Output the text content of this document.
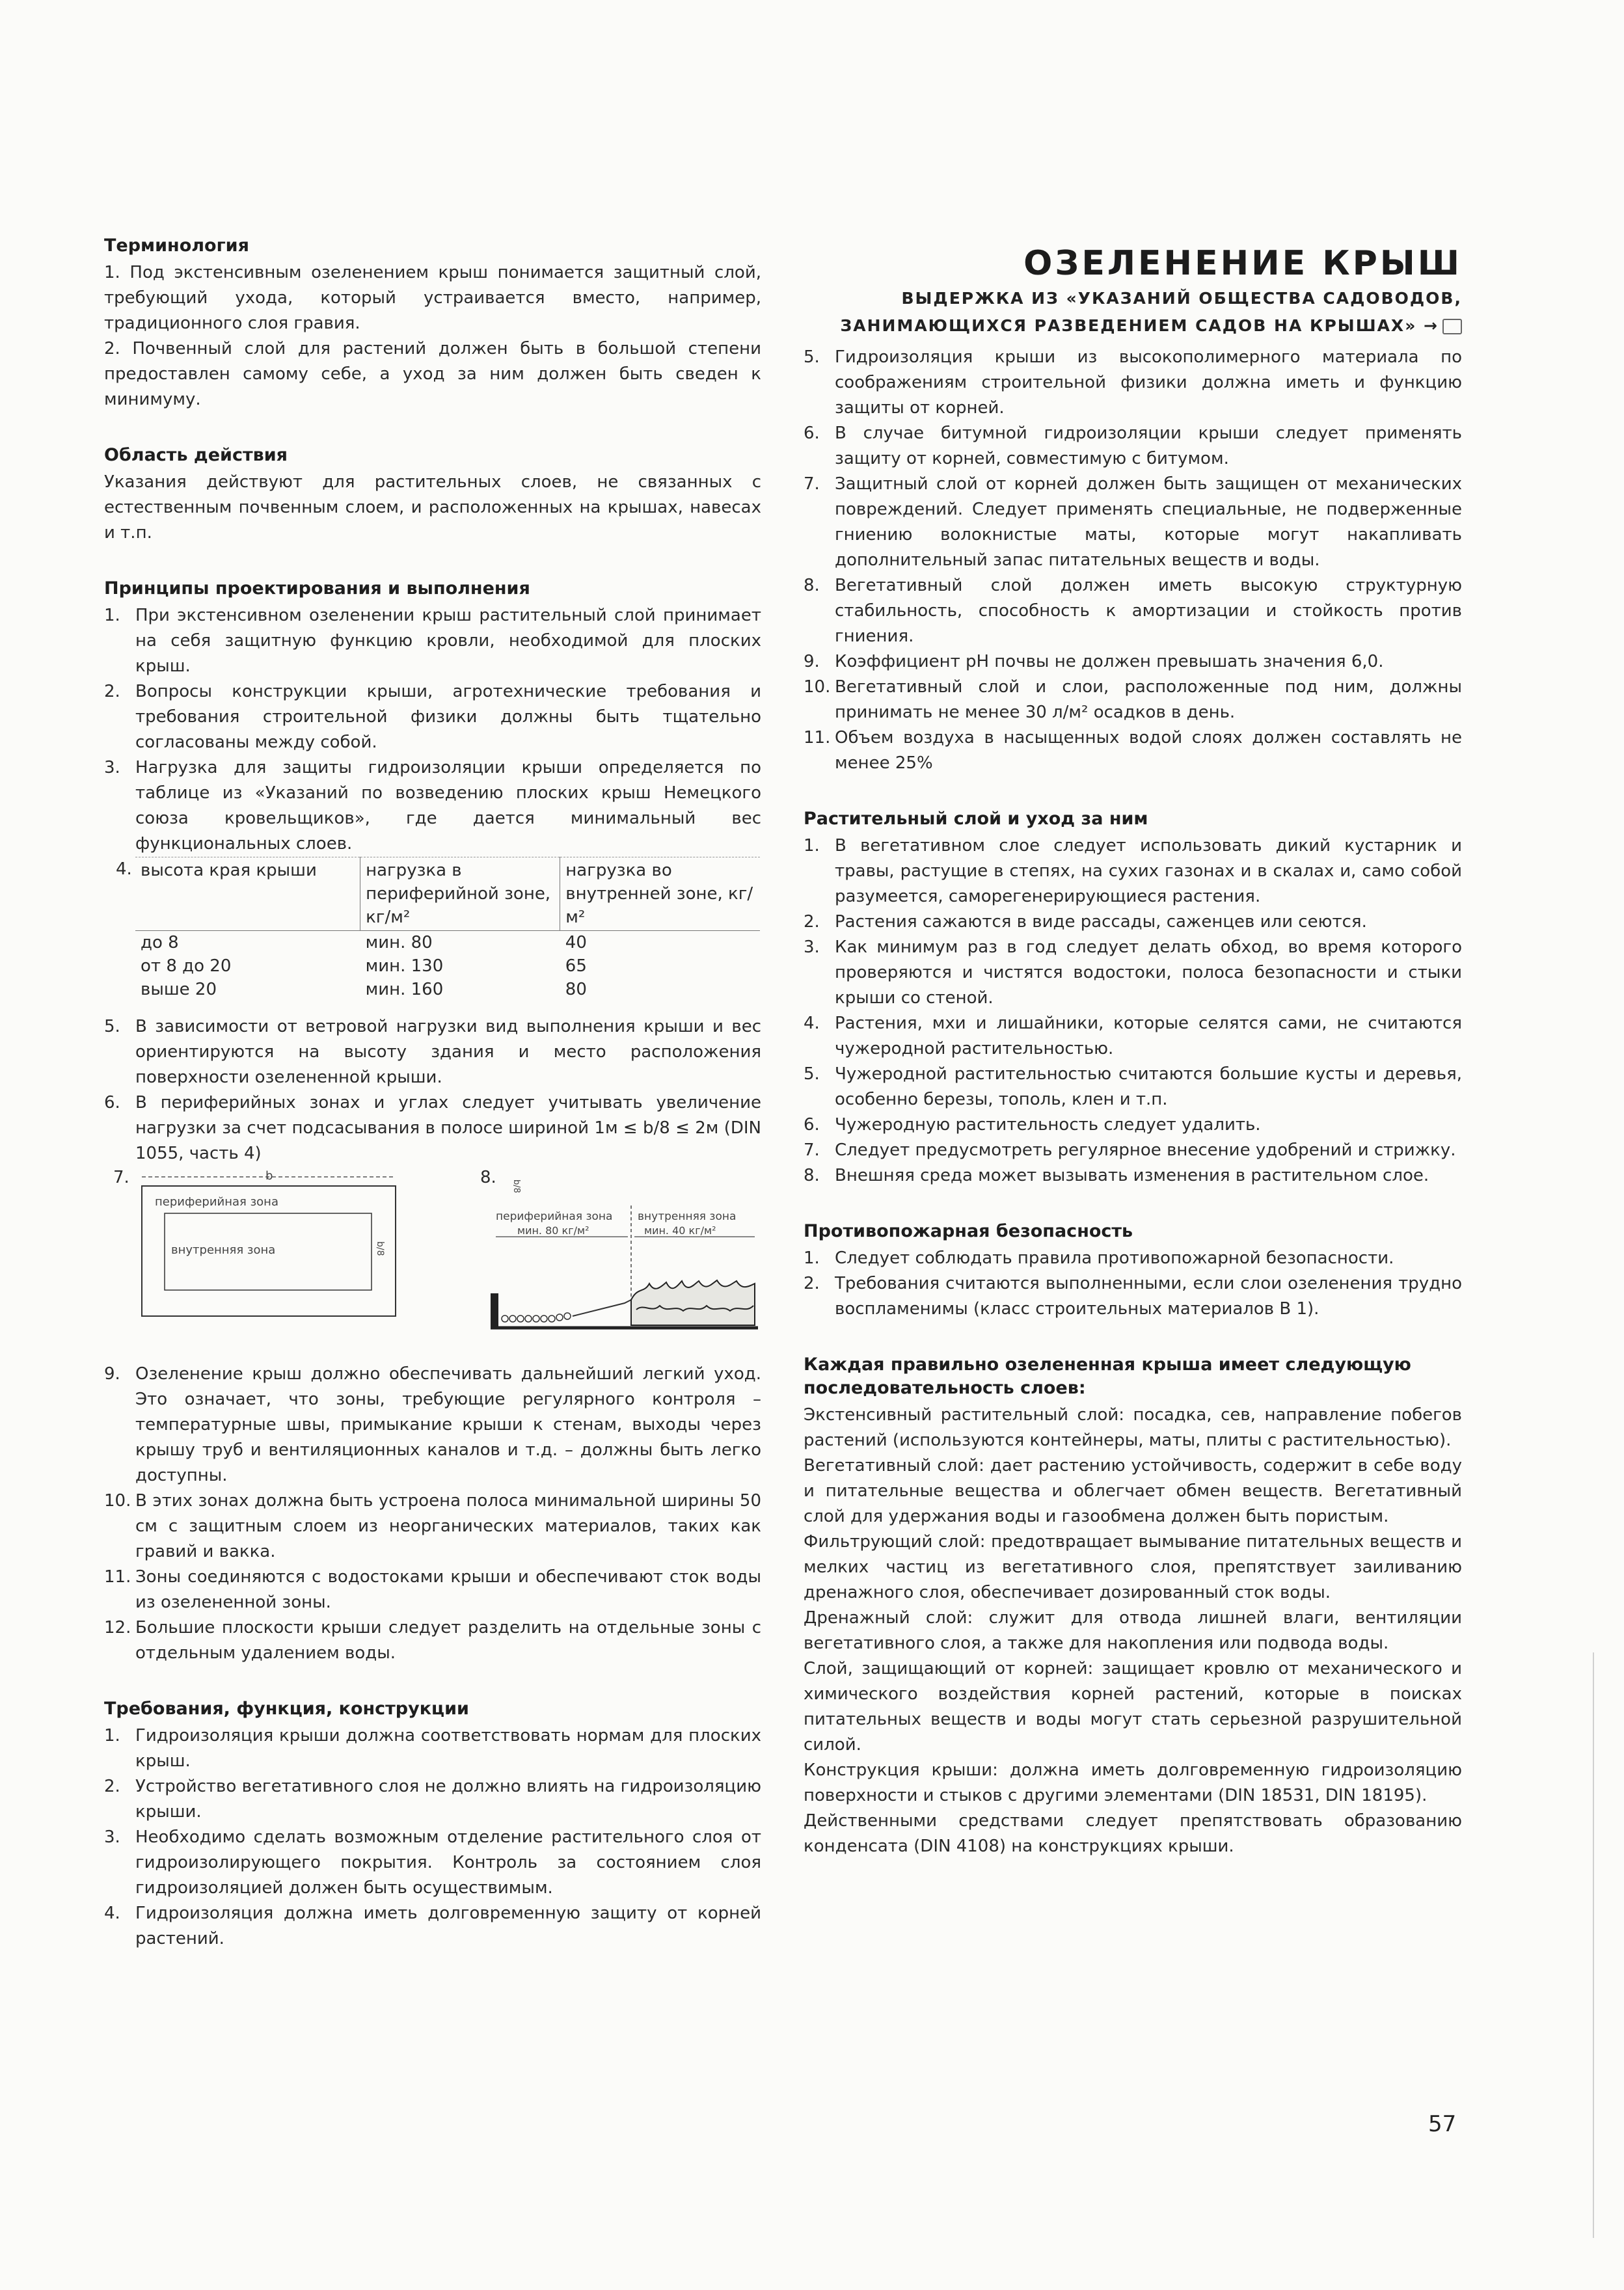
ОЗЕЛЕНЕНИЕ КРЫШ
ВЫДЕРЖКА ИЗ «УКАЗАНИЙ ОБЩЕСТВА САДОВОДОВ,
ЗАНИМАЮЩИХСЯ РАЗВЕДЕНИЕМ САДОВ НА КРЫШАХ» →
Терминология

1. Под экстенсивным озеленением крыш понимается защитный слой, требующий ухода, который устраивается вместо, например, традиционного слоя гравия.

2. Почвенный слой для растений должен быть в большой степени предоставлен самому себе, а уход за ним должен быть сведен к минимуму.

Область действия

Указания действуют для растительных слоев, не связанных с естественным почвенным слоем, и расположенных на крышах, навесах и т.п.

Принципы проектирования и выполнения
1. При экстенсивном озеленении крыш растительный слой принимает на себя защитную функцию кровли, необходимой для плоских крыш.
2. Вопросы конструкции крыши, агротехнические требования и требования строительной физики должны быть тщательно согласованы между собой.
3. Нагрузка для защиты гидроизоляции крыши определяется по таблице из «Указаний по возведению плоских крыш Немецкого союза кровельщиков», где дается минимальный вес функциональных слоев.
4. высота края крыши	нагрузка в периферийной зоне, кг/м²	нагрузка во внутренней зоне, кг/м²
до 8	мин. 80	40
от 8 до 20	мин. 130	65
выше 20	мин. 160	80
5. В зависимости от ветровой нагрузки вид выполнения крыши и вес ориентируются на высоту здания и место расположения поверхности озелененной крыши.
6. В периферийных зонах и углах следует учитывать увеличение нагрузки за счет подсасывания в полосе шириной 1м ≤ b/8 ≤ 2м (DIN 1055, часть 4)
7.	b
периферийная зона
внутренняя зона	b/8
8. b/8
периферийная зона внутренняя зона
мин. 80 кг/м²	мин. 40 кг/м²
9. Озеленение крыш должно обеспечивать дальнейший легкий уход. Это означает, что зоны, требующие регулярного контроля – температурные швы, примыкание крыши к стенам, выходы через крышу труб и вентиляционных каналов и т.д. – должны быть легко доступны.
10. В этих зонах должна быть устроена полоса минимальной ширины 50 см с защитным слоем из неорганических материалов, таких как гравий и вакка.
11. Зоны соединяются с водостоками крыши и обеспечивают сток воды из озелененной зоны.
12. Большие плоскости крыши следует разделить на отдельные зоны с отдельным удалением воды.
Требования, функция, конструкции
1. Гидроизоляция крыши должна соответствовать нормам для плоских крыш.
2. Устройство вегетативного слоя не должно влиять на гидроизоляцию крыши.
3. Необходимо сделать возможным отделение растительного слоя от гидроизолирующего покрытия. Контроль за состоянием слоя гидроизоляцией должен быть осуществимым.
4. Гидроизоляция должна иметь долговременную защиту от корней растений.
5. Гидроизоляция крыши из высокополимерного материала по соображениям строительной физики должна иметь и функцию защиты от корней.
6. В случае битумной гидроизоляции крыши следует применять защиту от корней, совместимую с битумом.
7. Защитный слой от корней должен быть защищен от механических повреждений. Следует применять специальные, не подверженные гниению волокнистые маты, которые могут накапливать дополнительный запас питательных веществ и воды.
8. Вегетативный слой должен иметь высокую структурную стабильность, способность к амортизации и стойкость против гниения.
9. Коэффициент pH почвы не должен превышать значения 6,0.
10. Вегетативный слой и слои, расположенные под ним, должны принимать не менее 30 л/м² осадков в день.
11. Объем воздуха в насыщенных водой слоях должен составлять не менее 25%
Растительный слой и уход за ним
1. В вегетативном слое следует использовать дикий кустарник и травы, растущие в степях, на сухих газонах и в скалах и, само собой разумеется, саморегенерирующиеся растения.
2. Растения сажаются в виде рассады, саженцев или сеются.
3. Как минимум раз в год следует делать обход, во время которого проверяются и чистятся водостоки, полоса безопасности и стыки крыши со стеной.
4. Растения, мхи и лишайники, которые селятся сами, не считаются чужеродной растительностью.
5. Чужеродной растительностью считаются большие кусты и деревья, особенно березы, тополь, клен и т.п.
6. Чужеродную растительность следует удалить.
7. Следует предусмотреть регулярное внесение удобрений и стрижку.
8. Внешняя среда может вызывать изменения в растительном слое.
Противопожарная безопасность
1. Следует соблюдать правила противопожарной безопасности.
2. Требования считаются выполненными, если слои озеленения трудно воспламенимы (класс строительных материалов В 1).
Каждая правильно озелененная крыша имеет следующую последовательность слоев:

Экстенсивный растительный слой: посадка, сев, направление побегов растений (используются контейнеры, маты, плиты с растительностью).

Вегетативный слой: дает растению устойчивость, содержит в себе воду и питательные вещества и облегчает обмен веществ. Вегетативный слой для удержания воды и газообмена должен быть пористым.

Фильтрующий слой: предотвращает вымывание питательных веществ и мелких частиц из вегетативного слоя, препятствует заиливанию дренажного слоя, обеспечивает дозированный сток воды.

Дренажный слой: служит для отвода лишней влаги, вентиляции вегетативного слоя, а также для накопления или подвода воды.

Слой, защищающий от корней: защищает кровлю от механического и химического воздействия корней растений, которые в поисках питательных веществ и воды могут стать серьезной разрушительной силой.

Конструкция крыши: должна иметь долговременную гидроизоляцию поверхности и стыков с другими элементами (DIN 18531, DIN 18195).

Действенными средствами следует препятствовать образованию конденсата (DIN 4108) на конструкциях крыши.

57
